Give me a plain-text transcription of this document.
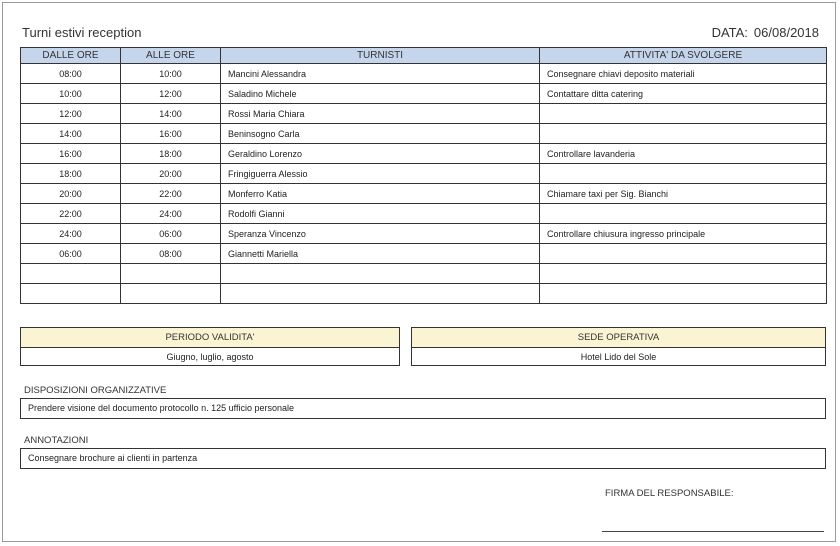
Turni estivi reception	DATA: 06/08/2018
DALLE ORE	ALLE ORE	TURNISTI	ATTIVITA' DA SVOLGERE
08:00	10:00	Mancini Alessandra	Consegnare chiavi deposito materiali
10:00	12:00	Saladino Michele	Contattare ditta catering
12:00	14:00	Rossi Maria Chiara	
14:00	16:00	Beninsogno Carla	
16:00	18:00	Geraldino Lorenzo	Controllare lavanderia
18:00	20:00	Fringiguerra Alessio	
20:00	22:00	Monferro Katia	Chiamare taxi per Sig. Bianchi
22:00	24:00	Rodolfi Gianni	
24:00	06:00	Speranza Vincenzo	Controllare chiusura ingresso principale
06:00	08:00	Giannetti Mariella	

PERIODO VALIDITA'
Giugno, luglio, agosto
SEDE OPERATIVA
Hotel Lido del Sole
DISPOSIZIONI ORGANIZZATIVE
Prendere visione del documento protocollo n. 125 ufficio personale
ANNOTAZIONI
Consegnare brochure ai clienti in partenza
FIRMA DEL RESPONSABILE:
